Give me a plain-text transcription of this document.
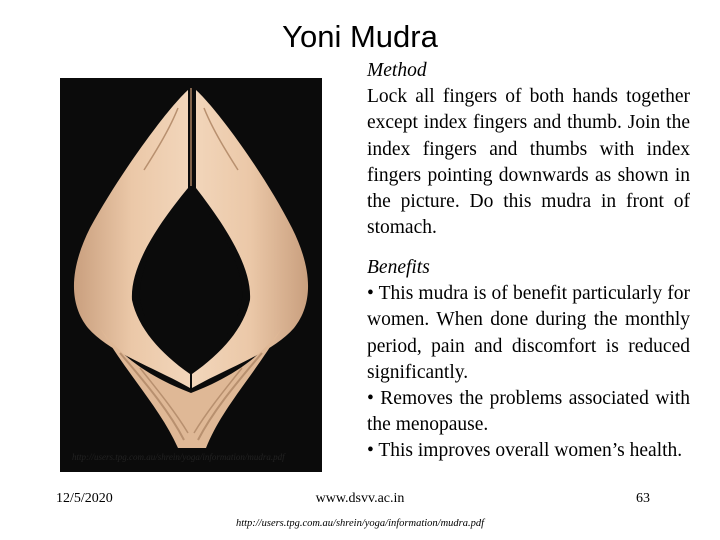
Yoni Mudra
http://users.tpg.com.au/shrein/yoga/information/mudra.pdf
Method
Lock all fingers of both hands together except index fingers and thumb. Join the index fingers and thumbs with index fingers pointing downwards as shown in the picture. Do this mudra in front of stomach.
Benefits
• This mudra is of benefit particularly for women. When done during the monthly period, pain and discomfort is reduced significantly.
• Removes the problems associated with the menopause.
• This improves overall women’s health.
12/5/2020	www.dsvv.ac.in	63
http://users.tpg.com.au/shrein/yoga/information/mudra.pdf
